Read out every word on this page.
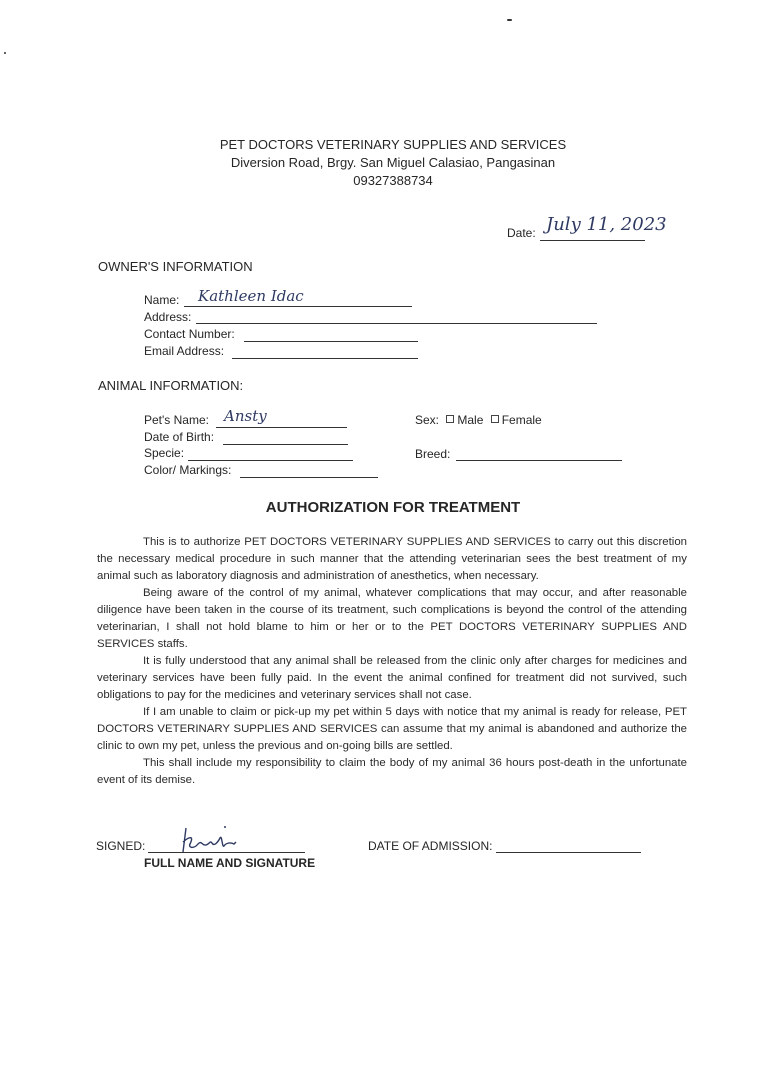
PET DOCTORS VETERINARY SUPPLIES AND SERVICES
Diversion Road, Brgy. San Miguel Calasiao, Pangasinan
09327388734
Date: July 11, 2023
OWNER'S INFORMATION
Name: Kathleen Idac
Address:
Contact Number:
Email Address:
ANIMAL INFORMATION:
Pet's Name: Ansty
Date of Birth:
Specie:
Color/ Markings:
Sex: Male Female
Breed:
AUTHORIZATION FOR TREATMENT

This is to authorize PET DOCTORS VETERINARY SUPPLIES AND SERVICES to carry out this discretion the necessary medical procedure in such manner that the attending veterinarian sees the best treatment of my animal such as laboratory diagnosis and administration of anesthetics, when necessary.

Being aware of the control of my animal, whatever complications that may occur, and after reasonable diligence have been taken in the course of its treatment, such complications is beyond the control of the attending veterinarian, I shall not hold blame to him or her or to the PET DOCTORS VETERINARY SUPPLIES AND SERVICES staffs.

It is fully understood that any animal shall be released from the clinic only after charges for medicines and veterinary services have been fully paid. In the event the animal confined for treatment did not survived, such obligations to pay for the medicines and veterinary services shall not case.

If I am unable to claim or pick-up my pet within 5 days with notice that my animal is ready for release, PET DOCTORS VETERINARY SUPPLIES AND SERVICES can assume that my animal is abandoned and authorize the clinic to own my pet, unless the previous and on-going bills are settled.

This shall include my responsibility to claim the body of my animal 36 hours post-death in the unfortunate event of its demise.

SIGNED:
FULL NAME AND SIGNATURE
DATE OF ADMISSION:
